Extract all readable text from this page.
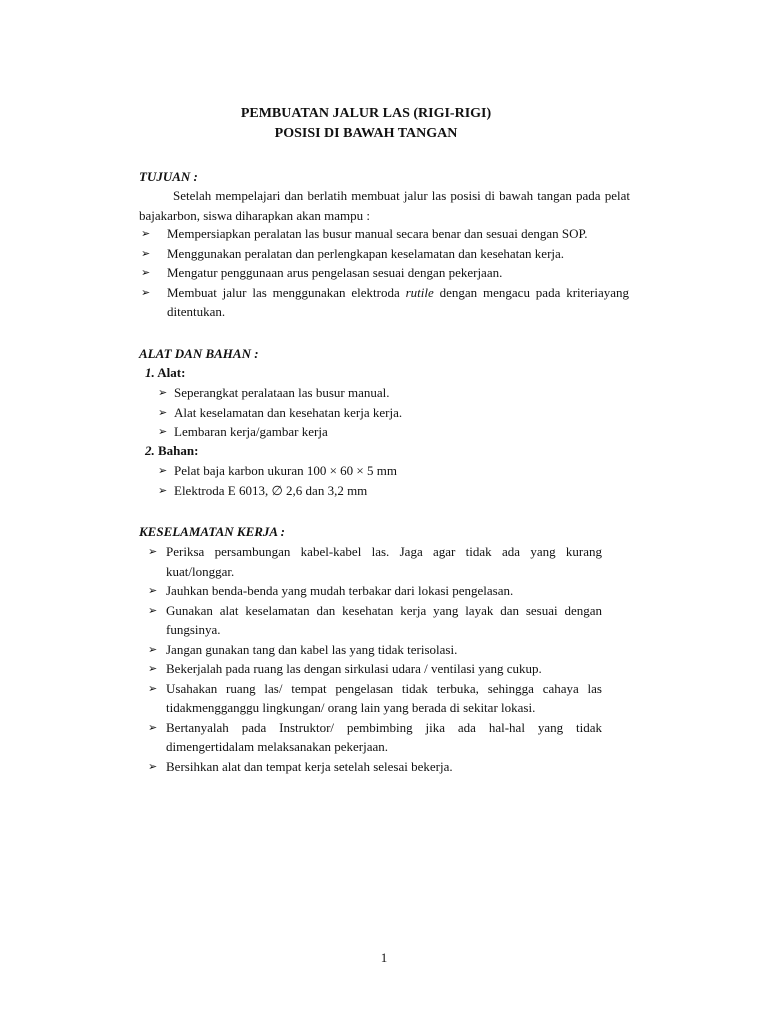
PEMBUATAN JALUR LAS (RIGI-RIGI)
POSISI DI BAWAH TANGAN
TUJUAN :
Setelah mempelajari dan berlatih membuat jalur las posisi di bawah tangan pada pelat bajakarbon, siswa diharapkan akan mampu :
➢ Mempersiapkan peralatan las busur manual secara benar dan sesuai dengan SOP.
➢ Menggunakan peralatan dan perlengkapan keselamatan dan kesehatan kerja.
➢ Mengatur penggunaan arus pengelasan sesuai dengan pekerjaan.
➢ Membuat jalur las menggunakan elektroda rutile dengan mengacu pada kriteriayang ditentukan.
ALAT DAN BAHAN :
1. Alat:
➢ Seperangkat peralataan las busur manual.
➢ Alat keselamatan dan kesehatan kerja kerja.
➢ Lembaran kerja/gambar kerja
2. Bahan:
➢ Pelat baja karbon ukuran 100 × 60 × 5 mm
➢ Elektroda E 6013, ∅ 2,6 dan 3,2 mm
KESELAMATAN KERJA :
➢ Periksa persambungan kabel-kabel las. Jaga agar tidak ada yang kurang kuat/longgar.
➢ Jauhkan benda-benda yang mudah terbakar dari lokasi pengelasan.
➢ Gunakan alat keselamatan dan kesehatan kerja yang layak dan sesuai dengan fungsinya.
➢ Jangan gunakan tang dan kabel las yang tidak terisolasi.
➢ Bekerjalah pada ruang las dengan sirkulasi udara / ventilasi yang cukup.
➢ Usahakan ruang las/ tempat pengelasan tidak terbuka, sehingga cahaya las tidakmengganggu lingkungan/ orang lain yang berada di sekitar lokasi.
➢ Bertanyalah pada Instruktor/ pembimbing jika ada hal-hal yang tidak dimengertidalam melaksanakan pekerjaan.
➢ Bersihkan alat dan tempat kerja setelah selesai bekerja.
1
